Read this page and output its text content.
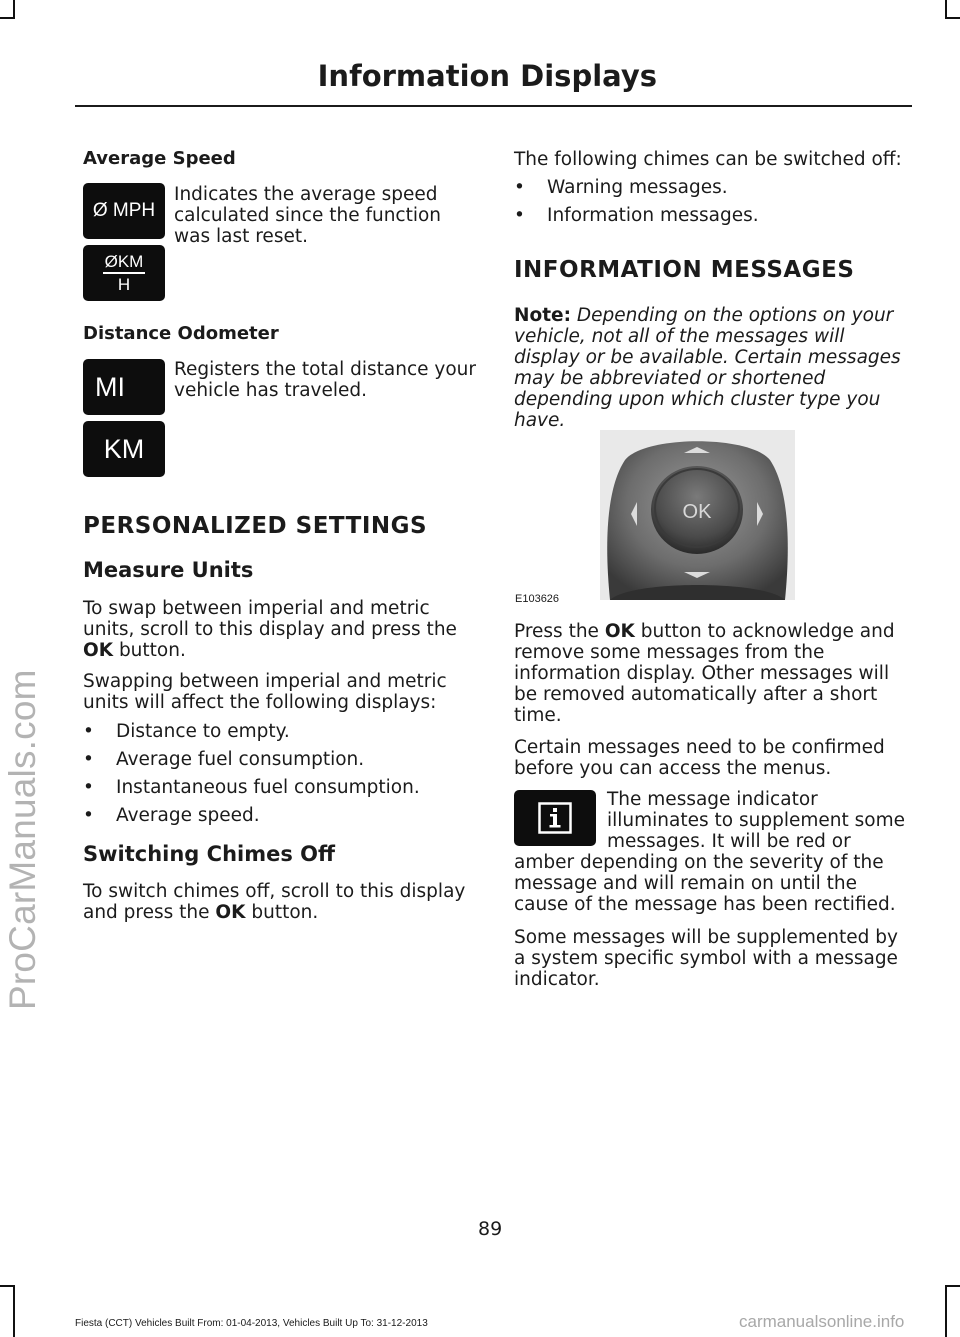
ProCarManuals.com
Information Displays
Average Speed
Ø MPH
ØKM
H
Indicates the average speed calculated since the function was last reset.
Distance Odometer
MI
KM
Registers the total distance your vehicle has traveled.
PERSONALIZED SETTINGS
Measure Units
To swap between imperial and metric units, scroll to this display and press the
OK button.
Swapping between imperial and metric units will affect the following displays:
• Distance to empty.
• Average fuel consumption.
• Instantaneous fuel consumption.
• Average speed.
Switching Chimes Off
To switch chimes off, scroll to this display and press the OK button.
The following chimes can be switched off:
• Warning messages.
• Information messages.
INFORMATION MESSAGES
Note: Depending on the options on your vehicle, not all of the messages will display or be available. Certain messages may be abbreviated or shortened depending upon which cluster type you have.
OK
E103626
Press the OK button to acknowledge and remove some messages from the information display. Other messages will be removed automatically after a short time.
Certain messages need to be confirmed before you can access the menus.
The message indicator illuminates to supplement some messages. It will be red or amber depending on the severity of the message and will remain on until the cause of the message has been rectified.
Some messages will be supplemented by a system specific symbol with a message indicator.
89
Fiesta (CCT) Vehicles Built From: 01-04-2013, Vehicles Built Up To: 31-12-2013	carmanualsonline.info
